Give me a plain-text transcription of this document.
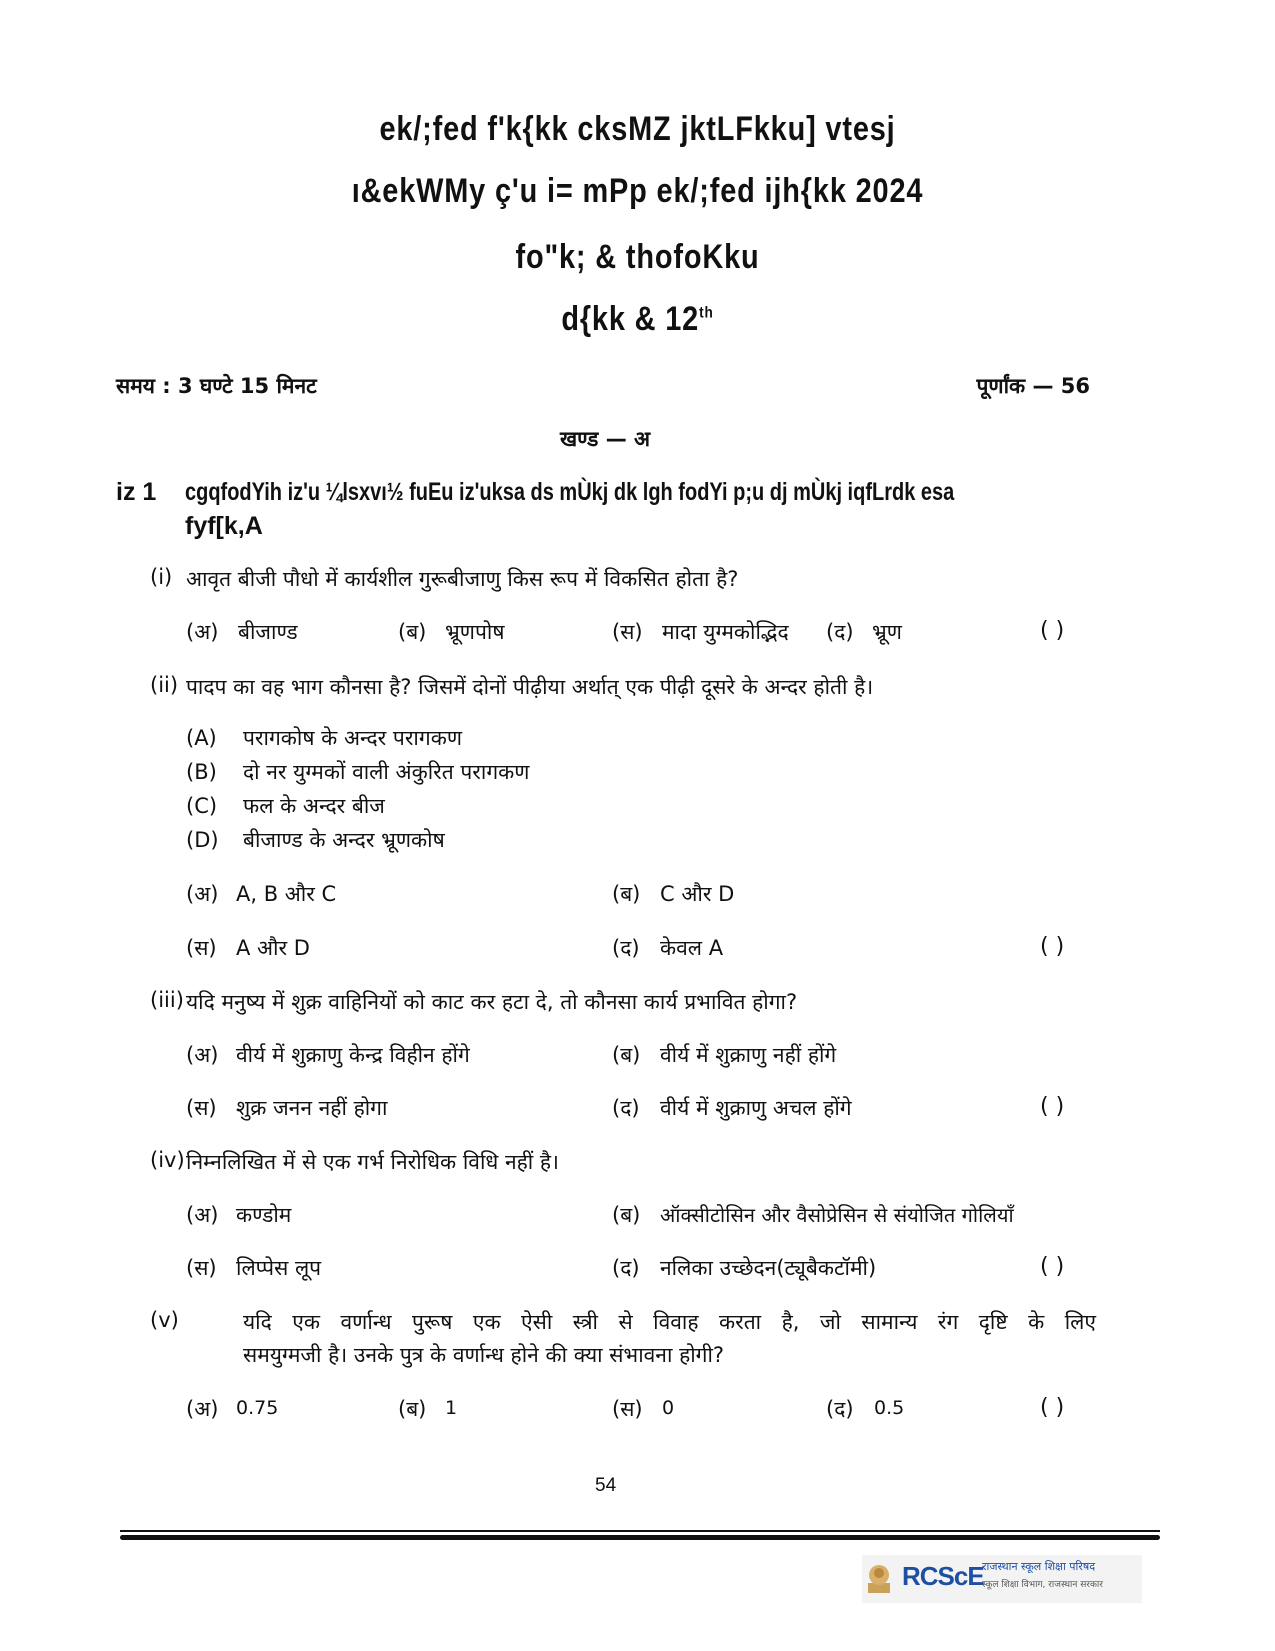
ek/;fed f'k{kk cksMZ jktLFkku] vtesj
ı&ekWMy ç'u i= mPp ek/;fed ijh{kk 2024
fo"k; & thofoKku
d{kk & 12th
समय : 3 घण्टे 15 मिनट	पूर्णांक — 56
खण्ड — अ
iz 1 cgqfodYih iz'u ¼lsxvı½ fuEu iz'uksa ds mÙkj dk lgh fodYi p;u dj mÙkj iqfLrdk esa
fyf[k,A
(i) आवृत बीजी पौधो में कार्यशील गुरूबीजाणु किस रूप में विकसित होता है?
(अ) बीजाण्ड	(ब) भ्रूणपोष	(स) मादा युग्मकोद्भिद (द) भ्रूण	( )
(ii) पादप का वह भाग कौनसा है? जिसमें दोनों पीढ़ीया अर्थात् एक पीढ़ी दूसरे के अन्दर होती है।
(A) परागकोष के अन्दर परागकण
(B) दो नर युग्मकों वाली अंकुरित परागकण
(C) फल के अन्दर बीज
(D) बीजाण्ड के अन्दर भ्रूणकोष
(अ) A, B और C	(ब) C और D
(स) A और D	(द) केवल A	( )
(iii) यदि मनुष्य में शुक्र वाहिनियों को काट कर हटा दे, तो कौनसा कार्य प्रभावित होगा?
(अ) वीर्य में शुक्राणु केन्द्र विहीन होंगे	(ब) वीर्य में शुक्राणु नहीं होंगे
(स) शुक्र जनन नहीं होगा	(द) वीर्य में शुक्राणु अचल होंगे	( )
(iv) निम्नलिखित में से एक गर्भ निरोधिक विधि नहीं है।
(अ) कण्डोम	(ब) ऑक्सीटोसिन और वैसोप्रेसिन से संयोजित गोलियाँ
(स) लिप्पेस लूप	(द) नलिका उच्छेदन(ट्यूबैकटॉमी)	( )
(v)	यदि एक वर्णान्ध पुरूष एक ऐसी स्त्री से विवाह करता है, जो सामान्य रंग दृष्टि के लिए
समयुग्मजी है। उनके पुत्र के वर्णान्ध होने की क्या संभावना होगी?
(अ) 0.75	(ब) 1	(स) 0	(द) 0.5	( )
54
RCScE
राजस्थान स्कूल शिक्षा परिषद
स्कूल शिक्षा विभाग, राजस्थान सरकार
